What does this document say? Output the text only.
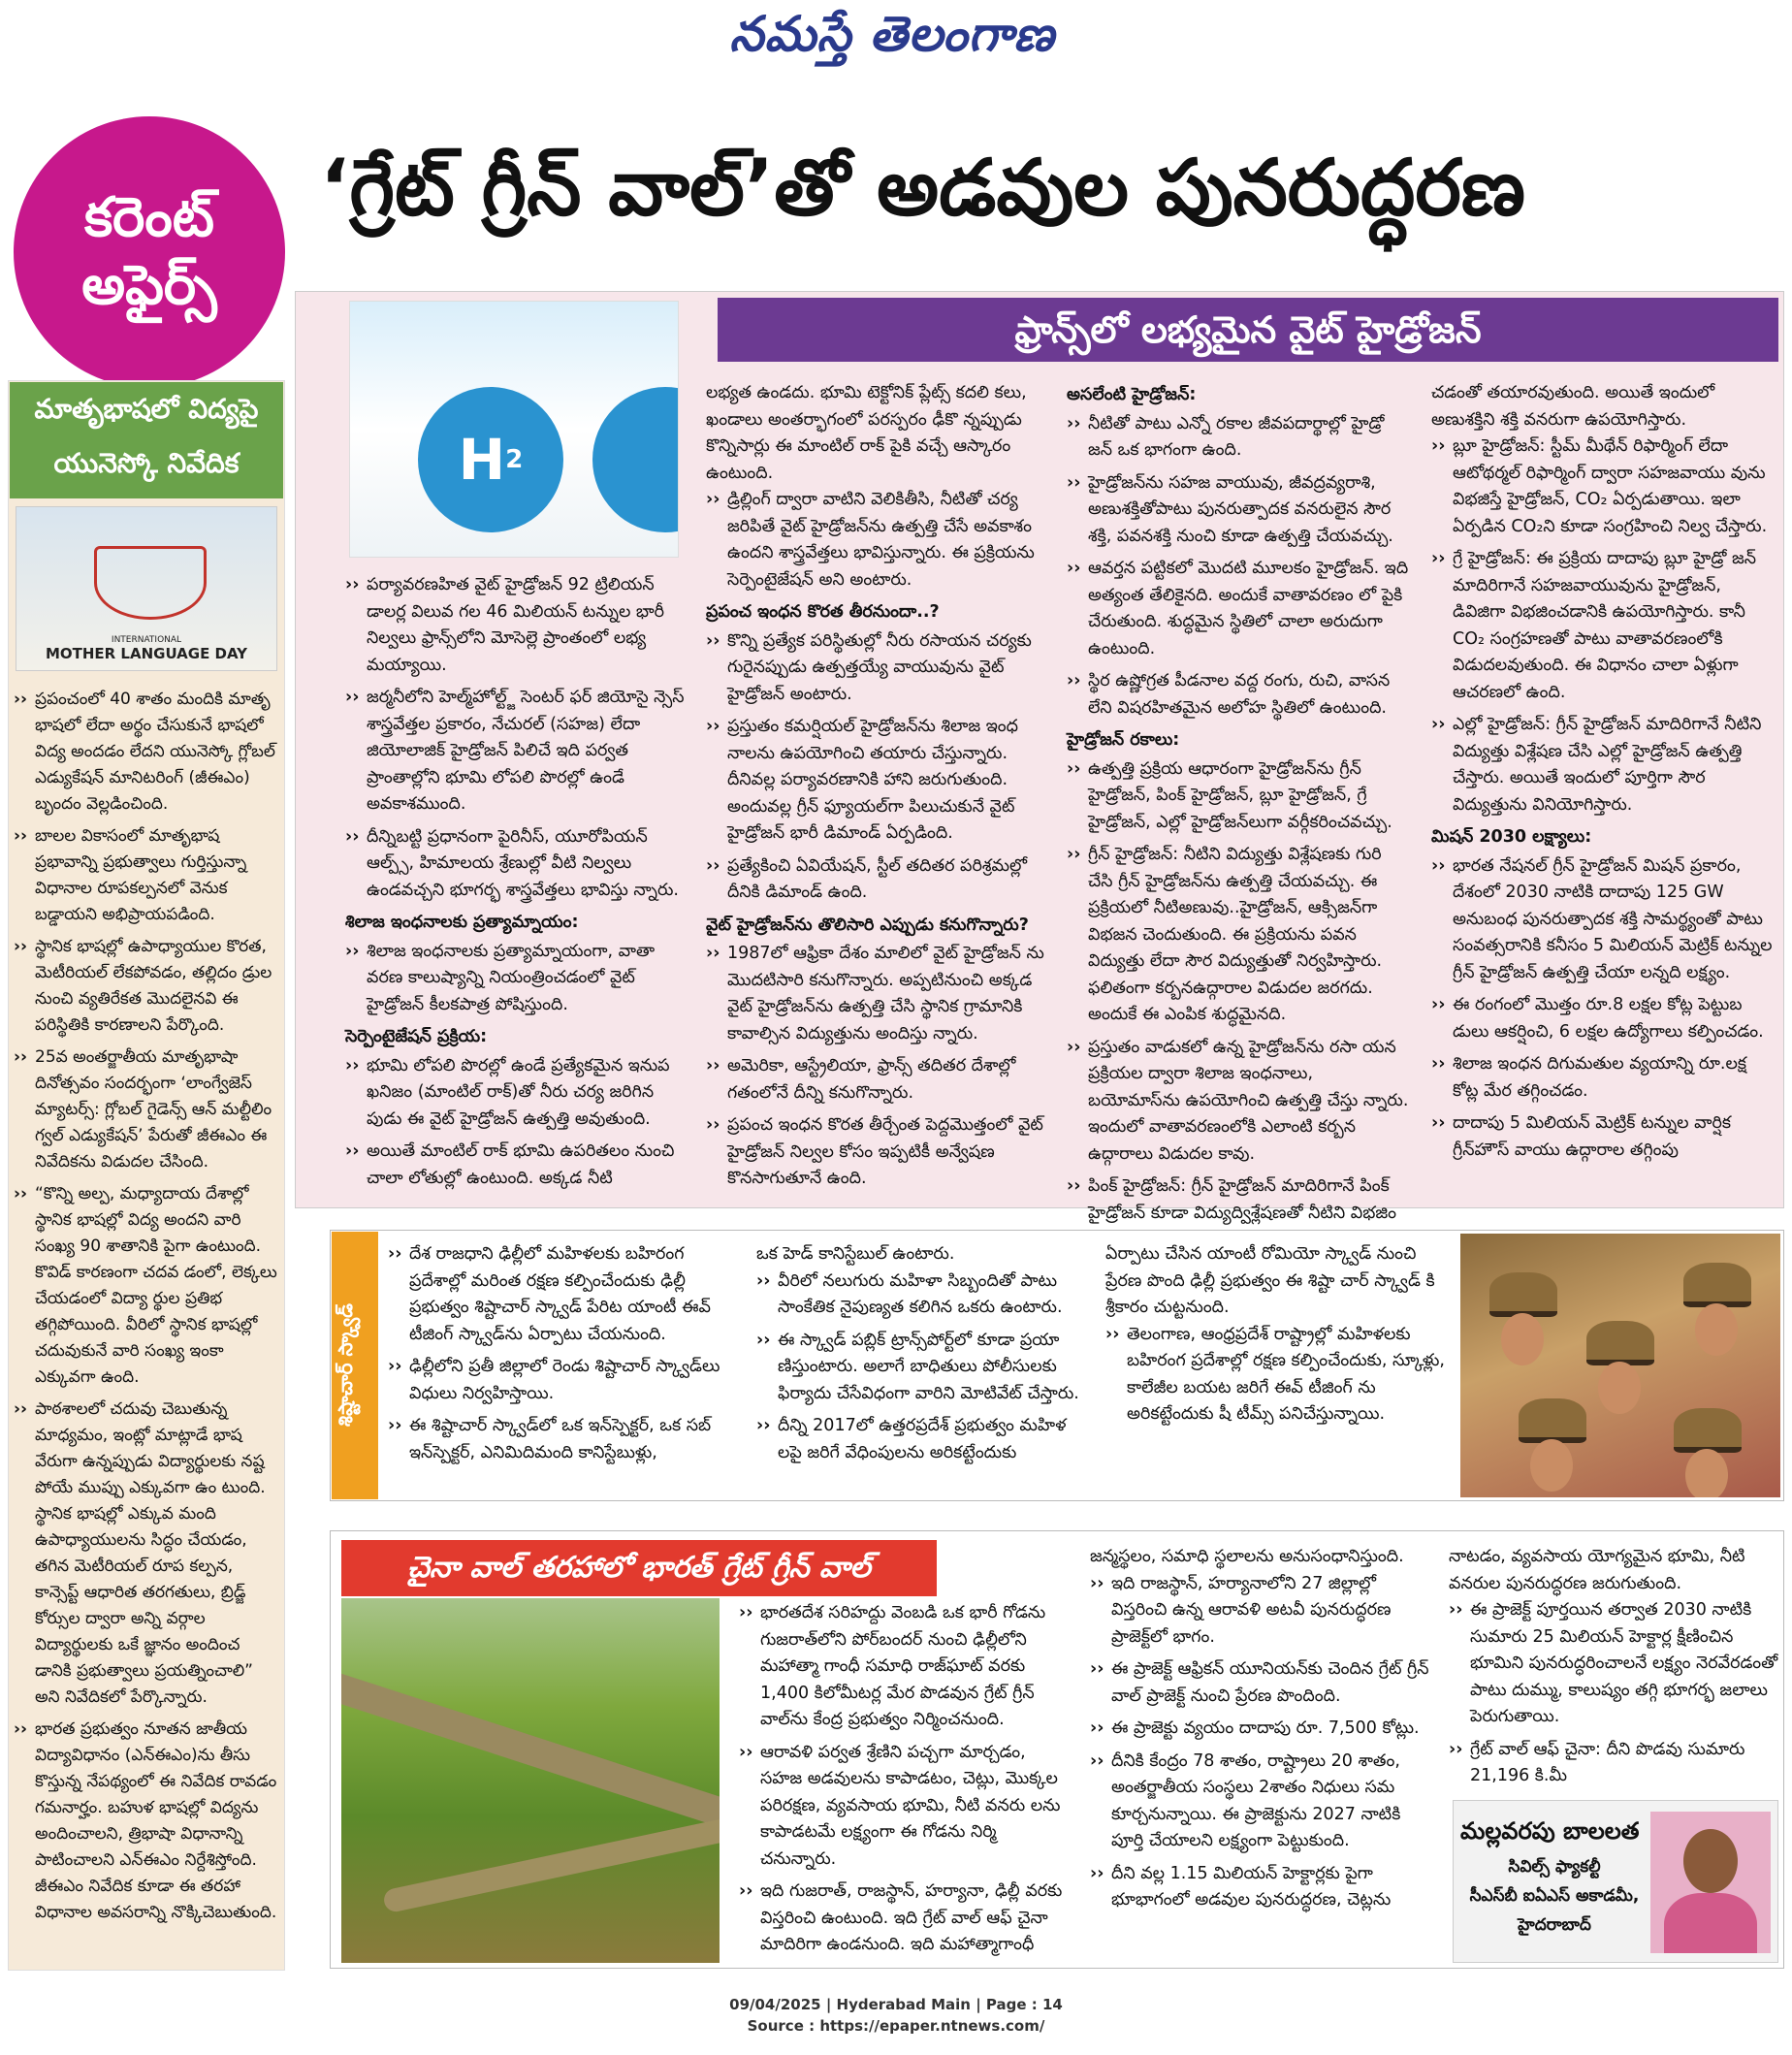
నమస్తే తెలంగాణ
కరెంట్
అఫైర్స్
‘గ్రేట్ గ్రీన్ వాల్’తో అడవుల పునరుద్ధరణ
మాతృభాషలో విద్యపై
యునెస్కో నివేదిక
INTERNATIONAL
MOTHER LANGUAGE DAY
›› ప్రపంచంలో 40 శాతం మందికి మాతృ భాషలో లేదా అర్థం చేసుకునే భాషలో విద్య అందడం లేదని యునెస్కో గ్లోబల్ ఎడ్యుకేషన్ మానిటరింగ్ (జీఈఎం) బృందం వెల్లడించింది.
›› బాలల వికాసంలో మాతృభాష ప్రభావాన్ని ప్రభుత్వాలు గుర్తిస్తున్నా విధానాల రూపకల్పనలో వెనుక బడ్డాయని అభిప్రాయపడింది.
›› స్థానిక భాషల్లో ఉపాధ్యాయుల కొరత, మెటీరియల్ లేకపోవడం, తల్లిదం డ్రుల నుంచి వ్యతిరేకత మొదలైనవి ఈ పరిస్థితికి కారణాలని పేర్కొంది.
›› 25వ అంతర్జాతీయ మాతృభాషా దినోత్సవం సందర్భంగా ‘లాంగ్వేజెస్ మ్యాటర్స్: గ్లోబల్ గైడెన్స్ ఆన్ మల్టీలిం గ్వల్ ఎడ్యుకేషన్’ పేరుతో జీఈఎం ఈ నివేదికను విడుదల చేసింది.
›› “కొన్ని అల్ప, మధ్యాదాయ దేశాల్లో స్థానిక భాషల్లో విద్య అందని వారి సంఖ్య 90 శాతానికి పైగా ఉంటుంది. కొవిడ్ కారణంగా చదవ డంలో, లెక్కలు చేయడంలో విద్యా ర్థుల ప్రతిభ తగ్గిపోయింది. వీరిలో స్థానిక భాషల్లో చదువుకునే వారి సంఖ్య ఇంకా ఎక్కువగా ఉంది.
›› పాఠశాలలో చదువు చెబుతున్న మాధ్యమం, ఇంట్లో మాట్లాడే భాష వేరుగా ఉన్నప్పుడు విద్యార్థులకు నష్ట పోయే ముప్పు ఎక్కువగా ఉం టుంది. స్థానిక భాషల్లో ఎక్కువ మంది ఉపాధ్యాయులను సిద్ధం చేయడం, తగిన మెటీరియల్ రూప కల్పన, కాన్సెప్ట్ ఆధారిత తరగతులు, బ్రిడ్జ్ కోర్సుల ద్వారా అన్ని వర్గాల విద్యార్థులకు ఒకే జ్ఞానం అందించ డానికి ప్రభుత్వాలు ప్రయత్నించాలి” అని నివేదికలో పేర్కొన్నారు.
›› భారత ప్రభుత్వం నూతన జాతీయ విద్యావిధానం (ఎన్ఈఎం)ను తీసు కొస్తున్న నేపథ్యంలో ఈ నివేదిక రావడం గమనార్హం. బహుళ భాషల్లో విద్యను అందించాలని, త్రిభాషా విధానాన్ని పాటించాలని ఎన్ఈఎం నిర్దేశిస్తోంది. జీఈఎం నివేదిక కూడా ఈ తరహా విధానాల అవసరాన్ని నొక్కిచెబుతుంది.
ఫ్రాన్స్‌లో లభ్యమైన వైట్ హైడ్రోజన్
H 2
›› పర్యావరణహిత వైట్ హైడ్రోజన్ 92 ట్రిలియన్ డాలర్ల విలువ గల 46 మిలియన్ టన్నుల భారీ నిల్వలు ఫ్రాన్స్‌లోని మోసెల్లె ప్రాంతంలో లభ్య మయ్యాయి.
›› జర్మనీలోని హెల్మ్‌హోల్ట్జ్ సెంటర్ ఫర్ జియోసై న్సెస్ శాస్త్రవేత్తల ప్రకారం, నేచురల్ (సహజ) లేదా జియోలాజిక్ హైడ్రోజన్ పిలిచే ఇది పర్వత ప్రాంతాల్లోని భూమి లోపలి పొరల్లో ఉండే అవకాశముంది.
›› దీన్నిబట్టి ప్రధానంగా పైరినీస్, యూరోపియన్ ఆల్ప్స్, హిమాలయ శ్రేణుల్లో వీటి నిల్వలు ఉండవచ్చని భూగర్భ శాస్త్రవేత్తలు భావిస్తు న్నారు.
శిలాజ ఇంధనాలకు ప్రత్యామ్నాయం:
›› శిలాజ ఇంధనాలకు ప్రత్యామ్నాయంగా, వాతా వరణ కాలుష్యాన్ని నియంత్రించడంలో వైట్ హైడ్రోజన్ కీలకపాత్ర పోషిస్తుంది.
సెర్పెంటైజేషన్ ప్రక్రియ:
›› భూమి లోపలి పొరల్లో ఉండే ప్రత్యేకమైన ఇనుప ఖనిజం (మాంటిల్ రాక్)తో నీరు చర్య జరిగిన పుడు ఈ వైట్ హైడ్రోజన్ ఉత్పత్తి అవుతుంది.
›› అయితే మాంటిల్ రాక్ భూమి ఉపరితలం నుంచి చాలా లోతుల్లో ఉంటుంది. అక్కడ నీటి
లభ్యత ఉండదు. భూమి టెక్టోనిక్ ప్లేట్స్ కదలి కలు, ఖండాలు అంతర్భాగంలో పరస్పరం ఢీకొ న్నప్పుడు కొన్నిసార్లు ఈ మాంటిల్ రాక్ పైకి వచ్చే ఆస్కారం ఉంటుంది.
›› డ్రిల్లింగ్ ద్వారా వాటిని వెలికితీసి, నీటితో చర్య జరిపితే వైట్ హైడ్రోజన్‌ను ఉత్పత్తి చేసే అవకాశం ఉందని శాస్త్రవేత్తలు భావిస్తున్నారు. ఈ ప్రక్రియను సెర్పెంటైజేషన్ అని అంటారు.
ప్రపంచ ఇంధన కొరత తీరనుందా..?
›› కొన్ని ప్రత్యేక పరిస్థితుల్లో నీరు రసాయన చర్యకు గురైనప్పుడు ఉత్పత్తయ్యే వాయువును వైట్ హైడ్రోజన్ అంటారు.
›› ప్రస్తుతం కమర్షియల్ హైడ్రోజన్‌ను శిలాజ ఇంధ నాలను ఉపయోగించి తయారు చేస్తున్నారు. దీనివల్ల పర్యావరణానికి హాని జరుగుతుంది. అందువల్ల గ్రీన్ ఫ్యూయల్‌గా పిలుచుకునే వైట్ హైడ్రోజన్ భారీ డిమాండ్ ఏర్పడింది.
›› ప్రత్యేకించి ఏవియేషన్, స్టీల్ తదితర పరిశ్రమల్లో దీనికి డిమాండ్ ఉంది.
వైట్ హైడ్రోజన్‌ను తొలిసారి ఎప్పుడు కనుగొన్నారు?
›› 1987లో ఆఫ్రికా దేశం మాలిలో వైట్ హైడ్రోజన్ ను మొదటిసారి కనుగొన్నారు. అప్పటినుంచి అక్కడ వైట్ హైడ్రోజన్‌ను ఉత్పత్తి చేసి స్థానిక గ్రామానికి కావాల్సిన విద్యుత్తును అందిస్తు న్నారు.
›› అమెరికా, ఆస్ట్రేలియా, ఫ్రాన్స్ తదితర దేశాల్లో గతంలోనే దీన్ని కనుగొన్నారు.
›› ప్రపంచ ఇంధన కొరత తీర్చేంత పెద్దమొత్తంలో వైట్ హైడ్రోజన్ నిల్వల కోసం ఇప్పటికీ అన్వేషణ కొనసాగుతూనే ఉంది.
అసలేంటి హైడ్రోజన్:
›› నీటితో పాటు ఎన్నో రకాల జీవపదార్థాల్లో హైడ్రో జన్ ఒక భాగంగా ఉంది.
›› హైడ్రోజన్‌ను సహజ వాయువు, జీవద్రవ్యరాశి, అణుశక్తితోపాటు పునరుత్పాదక వనరులైన సౌర శక్తి, పవనశక్తి నుంచి కూడా ఉత్పత్తి చేయవచ్చు.
›› ఆవర్తన పట్టికలో మొదటి మూలకం హైడ్రోజన్. ఇది అత్యంత తేలికైనది. అందుకే వాతావరణం లో పైకి చేరుతుంది. శుద్ధమైన స్థితిలో చాలా అరుదుగా ఉంటుంది.
›› స్థిర ఉష్ణోగ్రత పీడనాల వద్ద రంగు, రుచి, వాసన లేని విషరహితమైన అలోహ స్థితిలో ఉంటుంది.
హైడ్రోజన్ రకాలు:
›› ఉత్పత్తి ప్రక్రియ ఆధారంగా హైడ్రోజన్‌ను గ్రీన్ హైడ్రోజన్, పింక్ హైడ్రోజన్, బ్లూ హైడ్రోజన్, గ్రే హైడ్రోజన్, ఎల్లో హైడ్రోజన్‌లుగా వర్గీకరించవచ్చు.
›› గ్రీన్ హైడ్రోజన్: నీటిని విద్యుత్తు విశ్లేషణకు గురి చేసి గ్రీన్ హైడ్రోజన్‌ను ఉత్పత్తి చేయవచ్చు. ఈ ప్రక్రియలో నీటిఅణువు..హైడ్రోజన్, ఆక్సిజన్‌గా విభజన చెందుతుంది. ఈ ప్రక్రియను పవన విద్యుత్తు లేదా సౌర విద్యుత్తుతో నిర్వహిస్తారు. ఫలితంగా కర్బనఉద్గారాల విడుదల జరగదు. అందుకే ఈ ఎంపిక శుద్ధమైనది.
›› ప్రస్తుతం వాడుకలో ఉన్న హైడ్రోజన్‌ను రసా యన ప్రక్రియల ద్వారా శిలాజ ఇంధనాలు, బయోమాస్‌ను ఉపయోగించి ఉత్పత్తి చేస్తు న్నారు. ఇందులో వాతావరణంలోకి ఎలాంటి కర్బన ఉద్గారాలు విడుదల కావు.
›› పింక్ హైడ్రోజన్: గ్రీన్ హైడ్రోజన్ మాదిరిగానే పింక్ హైడ్రోజన్ కూడా విద్యుద్విశ్లేషణతో నీటిని విభజిం
చడంతో తయారవుతుంది. అయితే ఇందులో అణుశక్తిని శక్తి వనరుగా ఉపయోగిస్తారు.
›› బ్లూ హైడ్రోజన్: స్టీమ్ మీథేన్ రిఫార్మింగ్ లేదా ఆటోథర్మల్ రిఫార్మింగ్ ద్వారా సహజవాయు వును విభజిస్తే హైడ్రోజన్, CO₂ ఏర్పడుతాయి. ఇలా ఏర్పడిన CO₂ని కూడా సంగ్రహించి నిల్వ చేస్తారు.
›› గ్రే హైడ్రోజన్: ఈ ప్రక్రియ దాదాపు బ్లూ హైడ్రో జన్ మాదిరిగానే సహజవాయువును హైడ్రోజన్, డివిజిగా విభజించడానికి ఉపయోగిస్తారు. కానీ CO₂ సంగ్రహణతో పాటు వాతావరణంలోకి విడుదలవుతుంది. ఈ విధానం చాలా ఏళ్లుగా ఆచరణలో ఉంది.
›› ఎల్లో హైడ్రోజన్: గ్రీన్ హైడ్రోజన్ మాదిరిగానే నీటిని విద్యుత్తు విశ్లేషణ చేసి ఎల్లో హైడ్రోజన్ ఉత్పత్తి చేస్తారు. అయితే ఇందులో పూర్తిగా సౌర విద్యుత్తును వినియోగిస్తారు.
మిషన్ 2030 లక్ష్యాలు:
›› భారత నేషనల్ గ్రీన్ హైడ్రోజన్ మిషన్ ప్రకారం, దేశంలో 2030 నాటికి దాదాపు 125 GW అనుబంధ పునరుత్పాదక శక్తి సామర్థ్యంతో పాటు సంవత్సరానికి కనీసం 5 మిలియన్ మెట్రిక్ టన్నుల గ్రీన్ హైడ్రోజన్ ఉత్పత్తి చేయా లన్నది లక్ష్యం.
›› ఈ రంగంలో మొత్తం రూ.8 లక్షల కోట్ల పెట్టుబ డులు ఆకర్షించి, 6 లక్షల ఉద్యోగాలు కల్పించడం.
›› శిలాజ ఇంధన దిగుమతుల వ్యయాన్ని రూ.లక్ష కోట్ల మేర తగ్గించడం.
›› దాదాపు 5 మిలియన్ మెట్రిక్ టన్నుల వార్షిక గ్రీన్‌హౌస్ వాయు ఉద్గారాల తగ్గింపు
శిష్టాచార్ స్క్వాడ్
›› దేశ రాజధాని ఢిల్లీలో మహిళలకు బహిరంగ ప్రదేశాల్లో మరింత రక్షణ కల్పించేందుకు ఢిల్లీ ప్రభుత్వం శిష్టాచార్ స్క్వాడ్ పేరిట యాంటీ ఈవ్ టీజింగ్ స్క్వాడ్‌ను ఏర్పాటు చేయనుంది.
›› ఢిల్లీలోని ప్రతీ జిల్లాలో రెండు శిష్టాచార్ స్క్వాడ్‌లు విధులు నిర్వహిస్తాయి.
›› ఈ శిష్టాచార్ స్క్వాడ్‌లో ఒక ఇన్‌స్పెక్టర్, ఒక సబ్ ఇన్‌స్పెక్టర్, ఎనిమిదిమంది కానిస్టేబుళ్లు,
ఒక హెడ్ కానిస్టేబుల్ ఉంటారు.
›› వీరిలో నలుగురు మహిళా సిబ్బందితో పాటు సాంకేతిక నైపుణ్యత కలిగిన ఒకరు ఉంటారు.
›› ఈ స్క్వాడ్ పబ్లిక్ ట్రాన్స్‌పోర్ట్‌లో కూడా ప్రయా ణిస్తుంటారు. అలాగే బాధితులు పోలీసులకు ఫిర్యాదు చేసేవిధంగా వారిని మోటివేట్ చేస్తారు.
›› దీన్ని 2017లో ఉత్తరప్రదేశ్ ప్రభుత్వం మహిళ లపై జరిగే వేధింపులను అరికట్టేందుకు
ఏర్పాటు చేసిన యాంటీ రోమియో స్క్వాడ్ నుంచి ప్రేరణ పొంది ఢిల్లీ ప్రభుత్వం ఈ శిష్టా చార్ స్క్వాడ్ కి శ్రీకారం చుట్టనుంది.
›› తెలంగాణ, ఆంధ్రప్రదేశ్ రాష్ట్రాల్లో మహిళలకు బహిరంగ ప్రదేశాల్లో రక్షణ కల్పించేందుకు, స్కూళ్లు, కాలేజీల బయట జరిగే ఈవ్ టీజింగ్ ను అరికట్టేందుకు షీ టీమ్స్ పనిచేస్తున్నాయి.
చైనా వాల్ తరహాలో భారత్ గ్రేట్ గ్రీన్ వాల్
›› భారతదేశ సరిహద్దు వెంబడి ఒక భారీ గోడను గుజరాత్‌లోని పోర్‌బందర్ నుంచి ఢిల్లీలోని మహాత్మా గాంధీ సమాధి రాజ్‌ఘాట్ వరకు 1,400 కిలోమీటర్ల మేర పొడవున గ్రేట్ గ్రీన్ వాల్‌ను కేంద్ర ప్రభుత్వం నిర్మించనుంది.
›› ఆరావళి పర్వత శ్రేణిని పచ్చగా మార్చడం, సహజ అడవులను కాపాడటం, చెట్లు, మొక్కల పరిరక్షణ, వ్యవసాయ భూమి, నీటి వనరు లను కాపాడటమే లక్ష్యంగా ఈ గోడను నిర్మి చనున్నారు.
›› ఇది గుజరాత్, రాజస్థాన్, హర్యానా, ఢిల్లీ వరకు విస్తరించి ఉంటుంది. ఇది గ్రేట్ వాల్ ఆఫ్ చైనా మాదిరిగా ఉండనుంది. ఇది మహాత్మాగాంధీ
జన్మస్థలం, సమాధి స్థలాలను అనుసంధానిస్తుంది.
›› ఇది రాజస్థాన్, హర్యానాలోని 27 జిల్లాల్లో విస్తరించి ఉన్న ఆరావళి అటవీ పునరుద్ధరణ ప్రాజెక్ట్‌లో భాగం.
›› ఈ ప్రాజెక్ట్ ఆఫ్రికన్ యూనియన్‌కు చెందిన గ్రేట్ గ్రీన్ వాల్ ప్రాజెక్ట్ నుంచి ప్రేరణ పొందింది.
›› ఈ ప్రాజెక్టు వ్యయం దాదాపు రూ. 7,500 కోట్లు.
›› దీనికి కేంద్రం 78 శాతం, రాష్ట్రాలు 20 శాతం, అంతర్జాతీయ సంస్థలు 2శాతం నిధులు సమ కూర్చనున్నాయి. ఈ ప్రాజెక్టును 2027 నాటికి పూర్తి చేయాలని లక్ష్యంగా పెట్టుకుంది.
›› దీని వల్ల 1.15 మిలియన్ హెక్టార్లకు పైగా భూభాగంలో అడవుల పునరుద్ధరణ, చెట్లను
నాటడం, వ్యవసాయ యోగ్యమైన భూమి, నీటి వనరుల పునరుద్ధరణ జరుగుతుంది.
›› ఈ ప్రాజెక్ట్ పూర్తయిన తర్వాత 2030 నాటికి సుమారు 25 మిలియన్ హెక్టార్ల క్షీణించిన భూమిని పునరుద్ధరించాలనే లక్ష్యం నెరవేరడంతో పాటు దుమ్ము, కాలుష్యం తగ్గి భూగర్భ జలాలు పెరుగుతాయి.
›› గ్రేట్ వాల్ ఆఫ్ చైనా: దీని పొడవు సుమారు 21,196 కి.మీ
మల్లవరపు బాలలత
సివిల్స్ ఫ్యాకల్టీ
సీఎస్‌బీ ఐఏఎస్ అకాడమీ,
హైదరాబాద్
09/04/2025 | Hyderabad Main | Page : 14
Source : https://epaper.ntnews.com/
